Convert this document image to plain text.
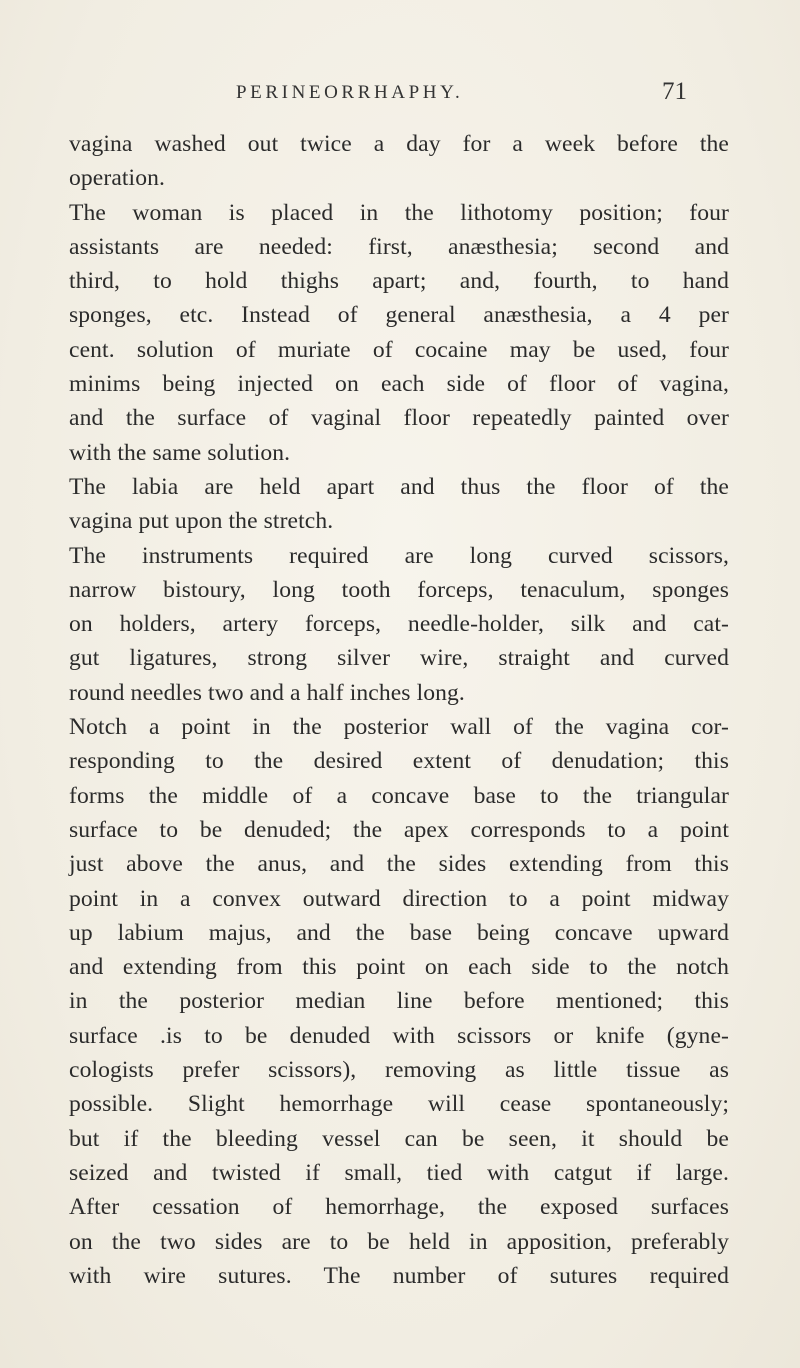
PERINEORRHAPHY.	71
vagina washed out twice a day for a week before the
operation.
The woman is placed in the lithotomy position; four
assistants are needed: first, anæsthesia; second and
third, to hold thighs apart; and, fourth, to hand
sponges, etc. Instead of general anæsthesia, a 4 per
cent. solution of muriate of cocaine may be used, four
minims being injected on each side of floor of vagina,
and the surface of vaginal floor repeatedly painted over
with the same solution.
The labia are held apart and thus the floor of the
vagina put upon the stretch.
The instruments required are long curved scissors,
narrow bistoury, long tooth forceps, tenaculum, sponges
on holders, artery forceps, needle-holder, silk and cat-
gut ligatures, strong silver wire, straight and curved
round needles two and a half inches long.
Notch a point in the posterior wall of the vagina cor-
responding to the desired extent of denudation; this
forms the middle of a concave base to the triangular
surface to be denuded; the apex corresponds to a point
just above the anus, and the sides extending from this
point in a convex outward direction to a point midway
up labium majus, and the base being concave upward
and extending from this point on each side to the notch
in the posterior median line before mentioned; this
surface .is to be denuded with scissors or knife (gyne-
cologists prefer scissors), removing as little tissue as
possible. Slight hemorrhage will cease spontaneously;
but if the bleeding vessel can be seen, it should be
seized and twisted if small, tied with catgut if large.
After cessation of hemorrhage, the exposed surfaces
on the two sides are to be held in apposition, preferably
with wire sutures. The number of sutures required
